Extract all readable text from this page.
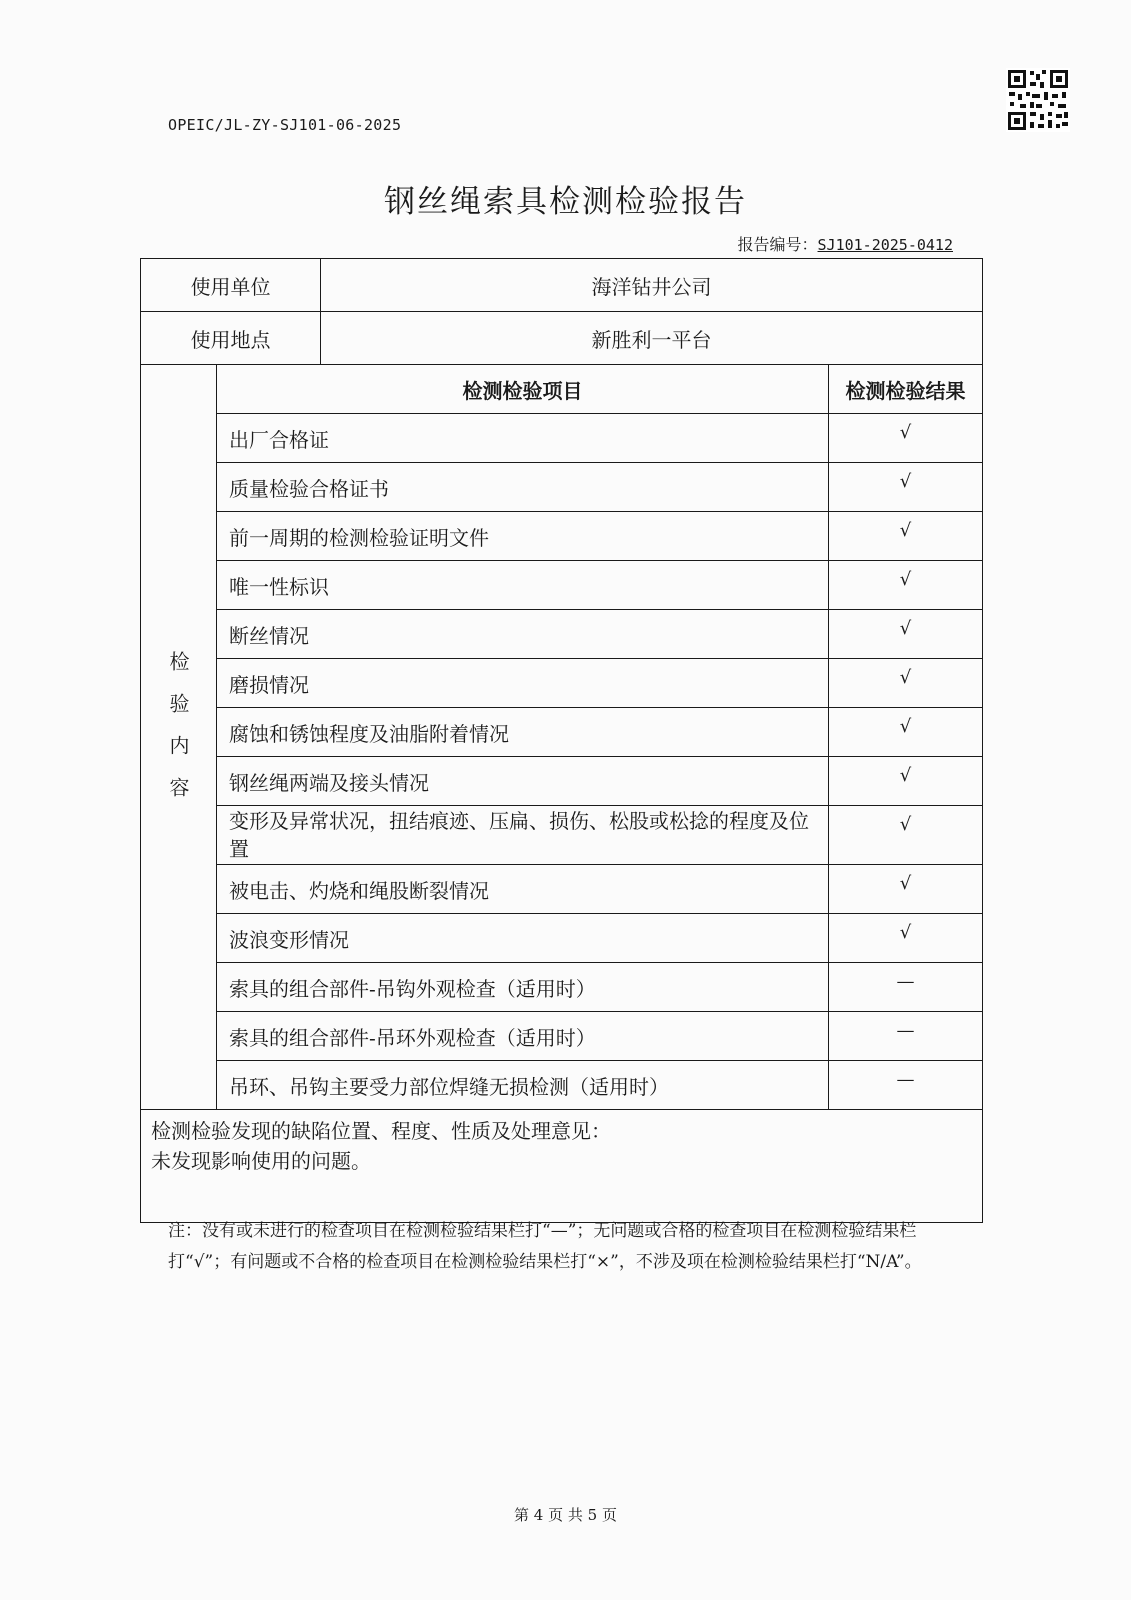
OPEIC/JL-ZY-SJ101-06-2025
钢丝绳索具检测检验报告
报告编号：SJ101-2025-0412
使用单位	海洋钻井公司
使用地点	新胜利一平台
检验内容	检测检验项目	检测检验结果
	出厂合格证	√
	质量检验合格证书	√
	前一周期的检测检验证明文件	√
	唯一性标识	√
	断丝情况	√
	磨损情况	√
	腐蚀和锈蚀程度及油脂附着情况	√
	钢丝绳两端及接头情况	√
	变形及异常状况，扭结痕迹、压扁、损伤、松股或松捻的程度及位置	√
	被电击、灼烧和绳股断裂情况	√
	波浪变形情况	√
	索具的组合部件-吊钩外观检查（适用时）	—
	索具的组合部件-吊环外观检查（适用时）	—
	吊环、吊钩主要受力部位焊缝无损检测（适用时）	—
检测检验发现的缺陷位置、程度、性质及处理意见：
未发现影响使用的问题。
注：没有或未进行的检查项目在检测检验结果栏打“—”；无问题或合格的检查项目在检测检验结果栏打“√”；有问题或不合格的检查项目在检测检验结果栏打“×”，不涉及项在检测检验结果栏打“N/A”。
第 4 页 共 5 页
